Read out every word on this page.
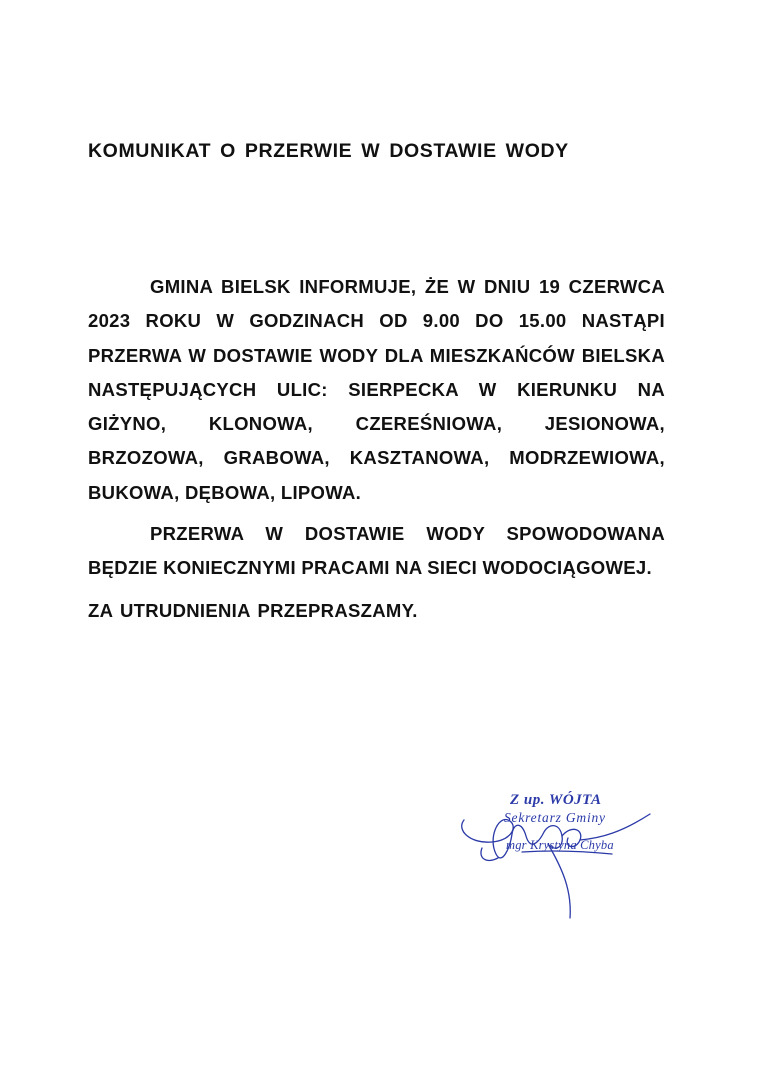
KOMUNIKAT O PRZERWIE W DOSTAWIE WODY

GMINA BIELSK INFORMUJE, ŻE W DNIU 19 CZERWCA 2023 ROKU W GODZINACH OD 9.00 DO 15.00 NASTĄPI PRZERWA W DOSTAWIE WODY DLA MIESZKAŃCÓW BIELSKA NASTĘPUJĄCYCH ULIC: SIERPECKA W KIERUNKU NA GIŻYNO, KLONOWA, CZEREŚNIOWA, JESIONOWA, BRZOZOWA, GRABOWA, KASZTANOWA, MODRZEWIOWA, BUKOWA, DĘBOWA, LIPOWA.

PRZERWA W DOSTAWIE WODY SPOWODOWANA BĘDZIE KONIECZNYMI PRACAMI NA SIECI WODOCIĄGOWEJ.

ZA UTRUDNIENIA PRZEPRASZAMY.

Z up. WÓJTA
Sekretarz Gminy
mgr Krystyna Chyba
